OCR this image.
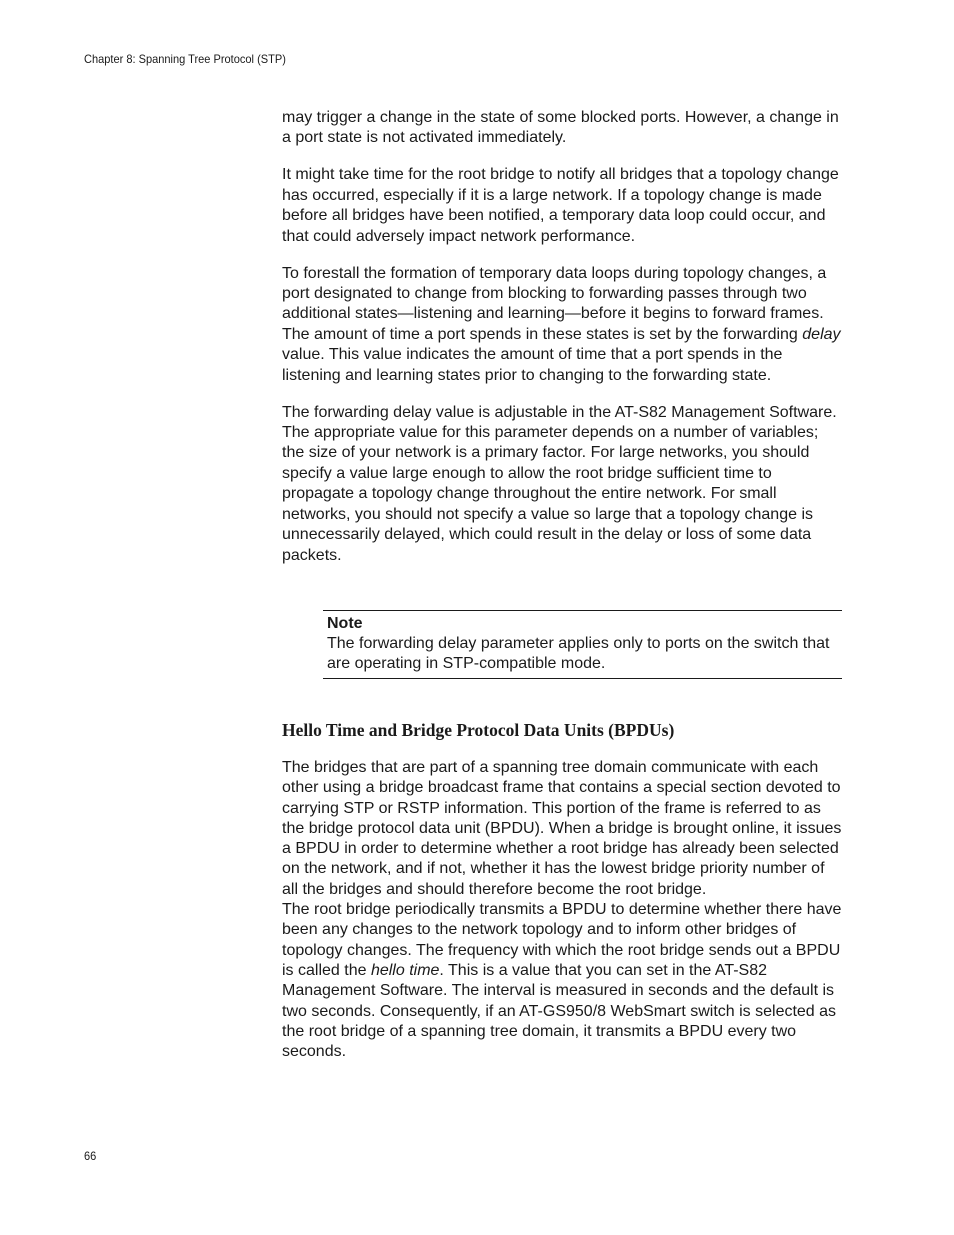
Chapter 8: Spanning Tree Protocol (STP)

may trigger a change in the state of some blocked ports. However, a change in a port state is not activated immediately.

It might take time for the root bridge to notify all bridges that a topology change has occurred, especially if it is a large network. If a topology change is made before all bridges have been notified, a temporary data loop could occur, and that could adversely impact network performance.

To forestall the formation of temporary data loops during topology changes, a port designated to change from blocking to forwarding passes through two additional states—listening and learning—before it begins to forward frames. The amount of time a port spends in these states is set by the forwarding delay value. This value indicates the amount of time that a port spends in the listening and learning states prior to changing to the forwarding state.

The forwarding delay value is adjustable in the AT-S82 Management Software. The appropriate value for this parameter depends on a number of variables; the size of your network is a primary factor. For large networks, you should specify a value large enough to allow the root bridge sufficient time to propagate a topology change throughout the entire network. For small networks, you should not specify a value so large that a topology change is unnecessarily delayed, which could result in the delay or loss of some data packets.

Note
The forwarding delay parameter applies only to ports on the switch that are operating in STP-compatible mode.
Hello Time and Bridge Protocol Data Units (BPDUs)

The bridges that are part of a spanning tree domain communicate with each other using a bridge broadcast frame that contains a special section devoted to carrying STP or RSTP information. This portion of the frame is referred to as the bridge protocol data unit (BPDU). When a bridge is brought online, it issues a BPDU in order to determine whether a root bridge has already been selected on the network, and if not, whether it has the lowest bridge priority number of all the bridges and should therefore become the root bridge.

The root bridge periodically transmits a BPDU to determine whether there have been any changes to the network topology and to inform other bridges of topology changes. The frequency with which the root bridge sends out a BPDU is called the hello time. This is a value that you can set in the AT-S82 Management Software. The interval is measured in seconds and the default is two seconds. Consequently, if an AT-GS950/8 WebSmart switch is selected as the root bridge of a spanning tree domain, it transmits a BPDU every two seconds.

66
